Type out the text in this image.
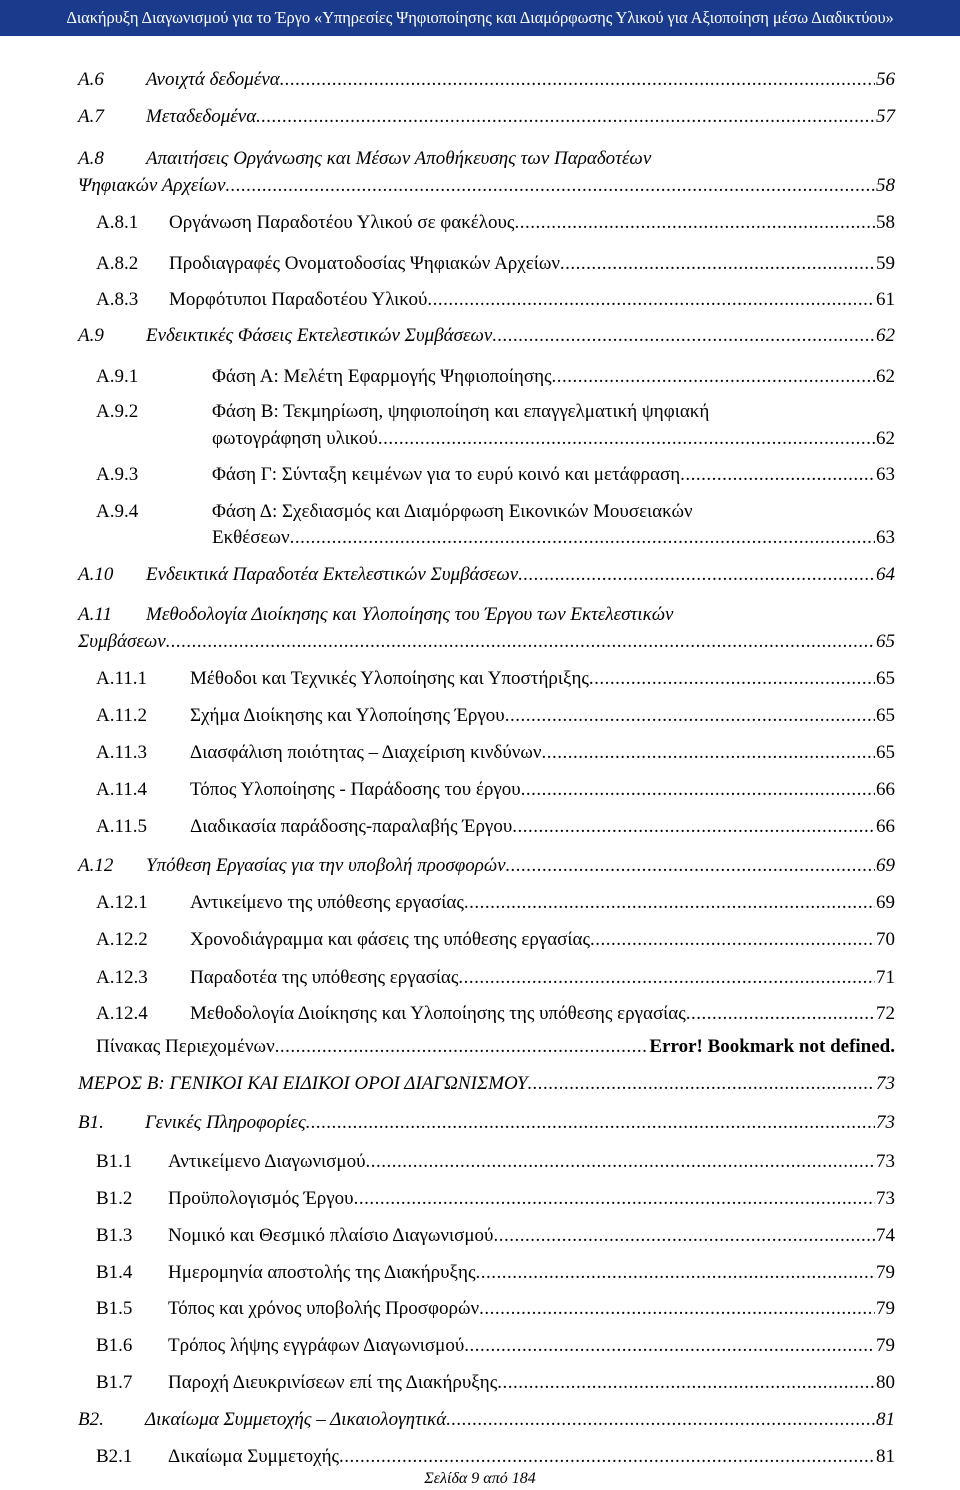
Διακήρυξη Διαγωνισμού για το Έργο «Υπηρεσίες Ψηφιοποίησης και Διαμόρφωσης Υλικού για Αξιοποίηση μέσω Διαδικτύου»
Α.6 Ανοιχτά δεδομένα .....	56
Α.7 Μεταδεδομένα .....	57
Α.8 Απαιτήσεις Οργάνωσης και Μέσων Αποθήκευσης των Παραδοτέων
Ψηφιακών Αρχείων .....	58
Α.8.1 Οργάνωση Παραδοτέου Υλικού σε φακέλους .....	58
Α.8.2 Προδιαγραφές Ονοματοδοσίας Ψηφιακών Αρχείων .....	59
Α.8.3 Μορφότυποι Παραδοτέου Υλικού .....	61
Α.9 Ενδεικτικές Φάσεις Εκτελεστικών Συμβάσεων .....	62
Α.9.1	Φάση Α: Μελέτη Εφαρμογής Ψηφιοποίησης .....	62
Α.9.2	Φάση Β: Τεκμηρίωση, ψηφιοποίηση και επαγγελματική ψηφιακή
φωτογράφηση υλικού .....	62
Α.9.3	Φάση Γ: Σύνταξη κειμένων για το ευρύ κοινό και μετάφραση .....	63
Α.9.4	Φάση Δ: Σχεδιασμός και Διαμόρφωση Εικονικών Μουσειακών
Εκθέσεων .....	63
Α.10 Ενδεικτικά Παραδοτέα Εκτελεστικών Συμβάσεων .....	64
Α.11 Μεθοδολογία Διοίκησης και Υλοποίησης του Έργου των Εκτελεστικών
Συμβάσεων .....	65
Α.11.1 Μέθοδοι και Τεχνικές Υλοποίησης και Υποστήριξης .....	65
Α.11.2 Σχήμα Διοίκησης και Υλοποίησης Έργου .....	65
Α.11.3 Διασφάλιση ποιότητας – Διαχείριση κινδύνων .....	65
Α.11.4 Τόπος Υλοποίησης - Παράδοσης του έργου .....	66
Α.11.5 Διαδικασία παράδοσης-παραλαβής Έργου .....	66
Α.12 Υπόθεση Εργασίας για την υποβολή προσφορών .....	69
Α.12.1 Αντικείμενο της υπόθεσης εργασίας .....	69
Α.12.2 Χρονοδιάγραμμα και φάσεις της υπόθεσης εργασίας .....	70
Α.12.3 Παραδοτέα της υπόθεσης εργασίας .....	71
Α.12.4 Μεθοδολογία Διοίκησης και Υλοποίησης της υπόθεσης εργασίας .....	72
Πίνακας Περιεχομένων .....	Error! Bookmark not defined.
ΜΕΡΟΣ Β: ΓΕΝΙΚΟΙ ΚΑΙ ΕΙΔΙΚΟΙ ΟΡΟΙ ΔΙΑΓΩΝΙΣΜΟΥ .....	73
Β1. Γενικές Πληροφορίες .....	73
Β1.1 Αντικείμενο Διαγωνισμού .....	73
Β1.2 Προϋπολογισμός Έργου .....	73
Β1.3 Νομικό και Θεσμικό πλαίσιο Διαγωνισμού .....	74
Β1.4 Ημερομηνία αποστολής της Διακήρυξης .....	79
Β1.5 Τόπος και χρόνος υποβολής Προσφορών .....	79
Β1.6 Τρόπος λήψης εγγράφων Διαγωνισμού .....	79
Β1.7 Παροχή Διευκρινίσεων επί της Διακήρυξης .....	80
Β2. Δικαίωμα Συμμετοχής – Δικαιολογητικά .....	81
Β2.1 Δικαίωμα Συμμετοχής .....	81
Σελίδα 9 από 184
